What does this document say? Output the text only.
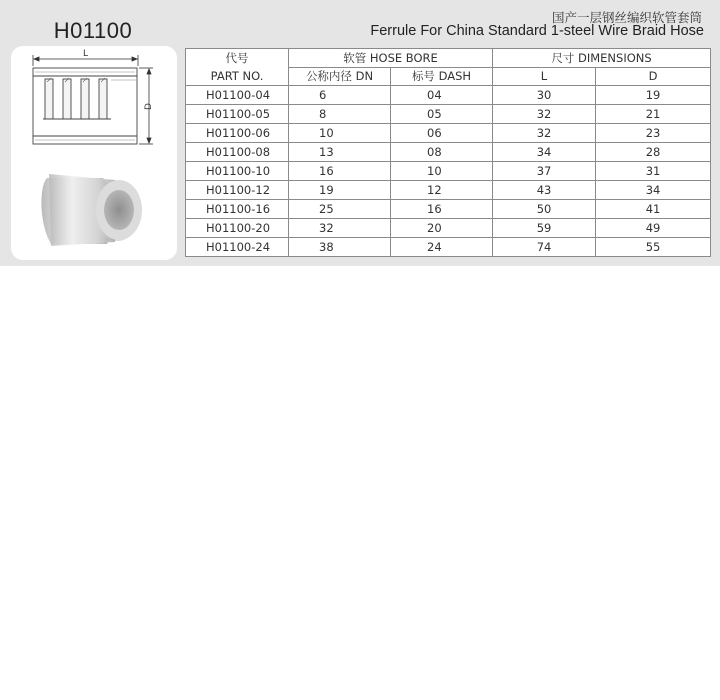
H01100
国产一层钢丝编织软管套筒
Ferrule For China Standard 1-steel Wire Braid Hose
L
D
代号
PART NO.	软管 HOSE BORE		尺寸 DIMENSIONS	
	公称内径 DN	标号 DASH	L	D
H01100-04	6	04	30	19
H01100-05	8	05	32	21
H01100-06	10	06	32	23
H01100-08	13	08	34	28
H01100-10	16	10	37	31
H01100-12	19	12	43	34
H01100-16	25	16	50	41
H01100-20	32	20	59	49
H01100-24	38	24	74	55
